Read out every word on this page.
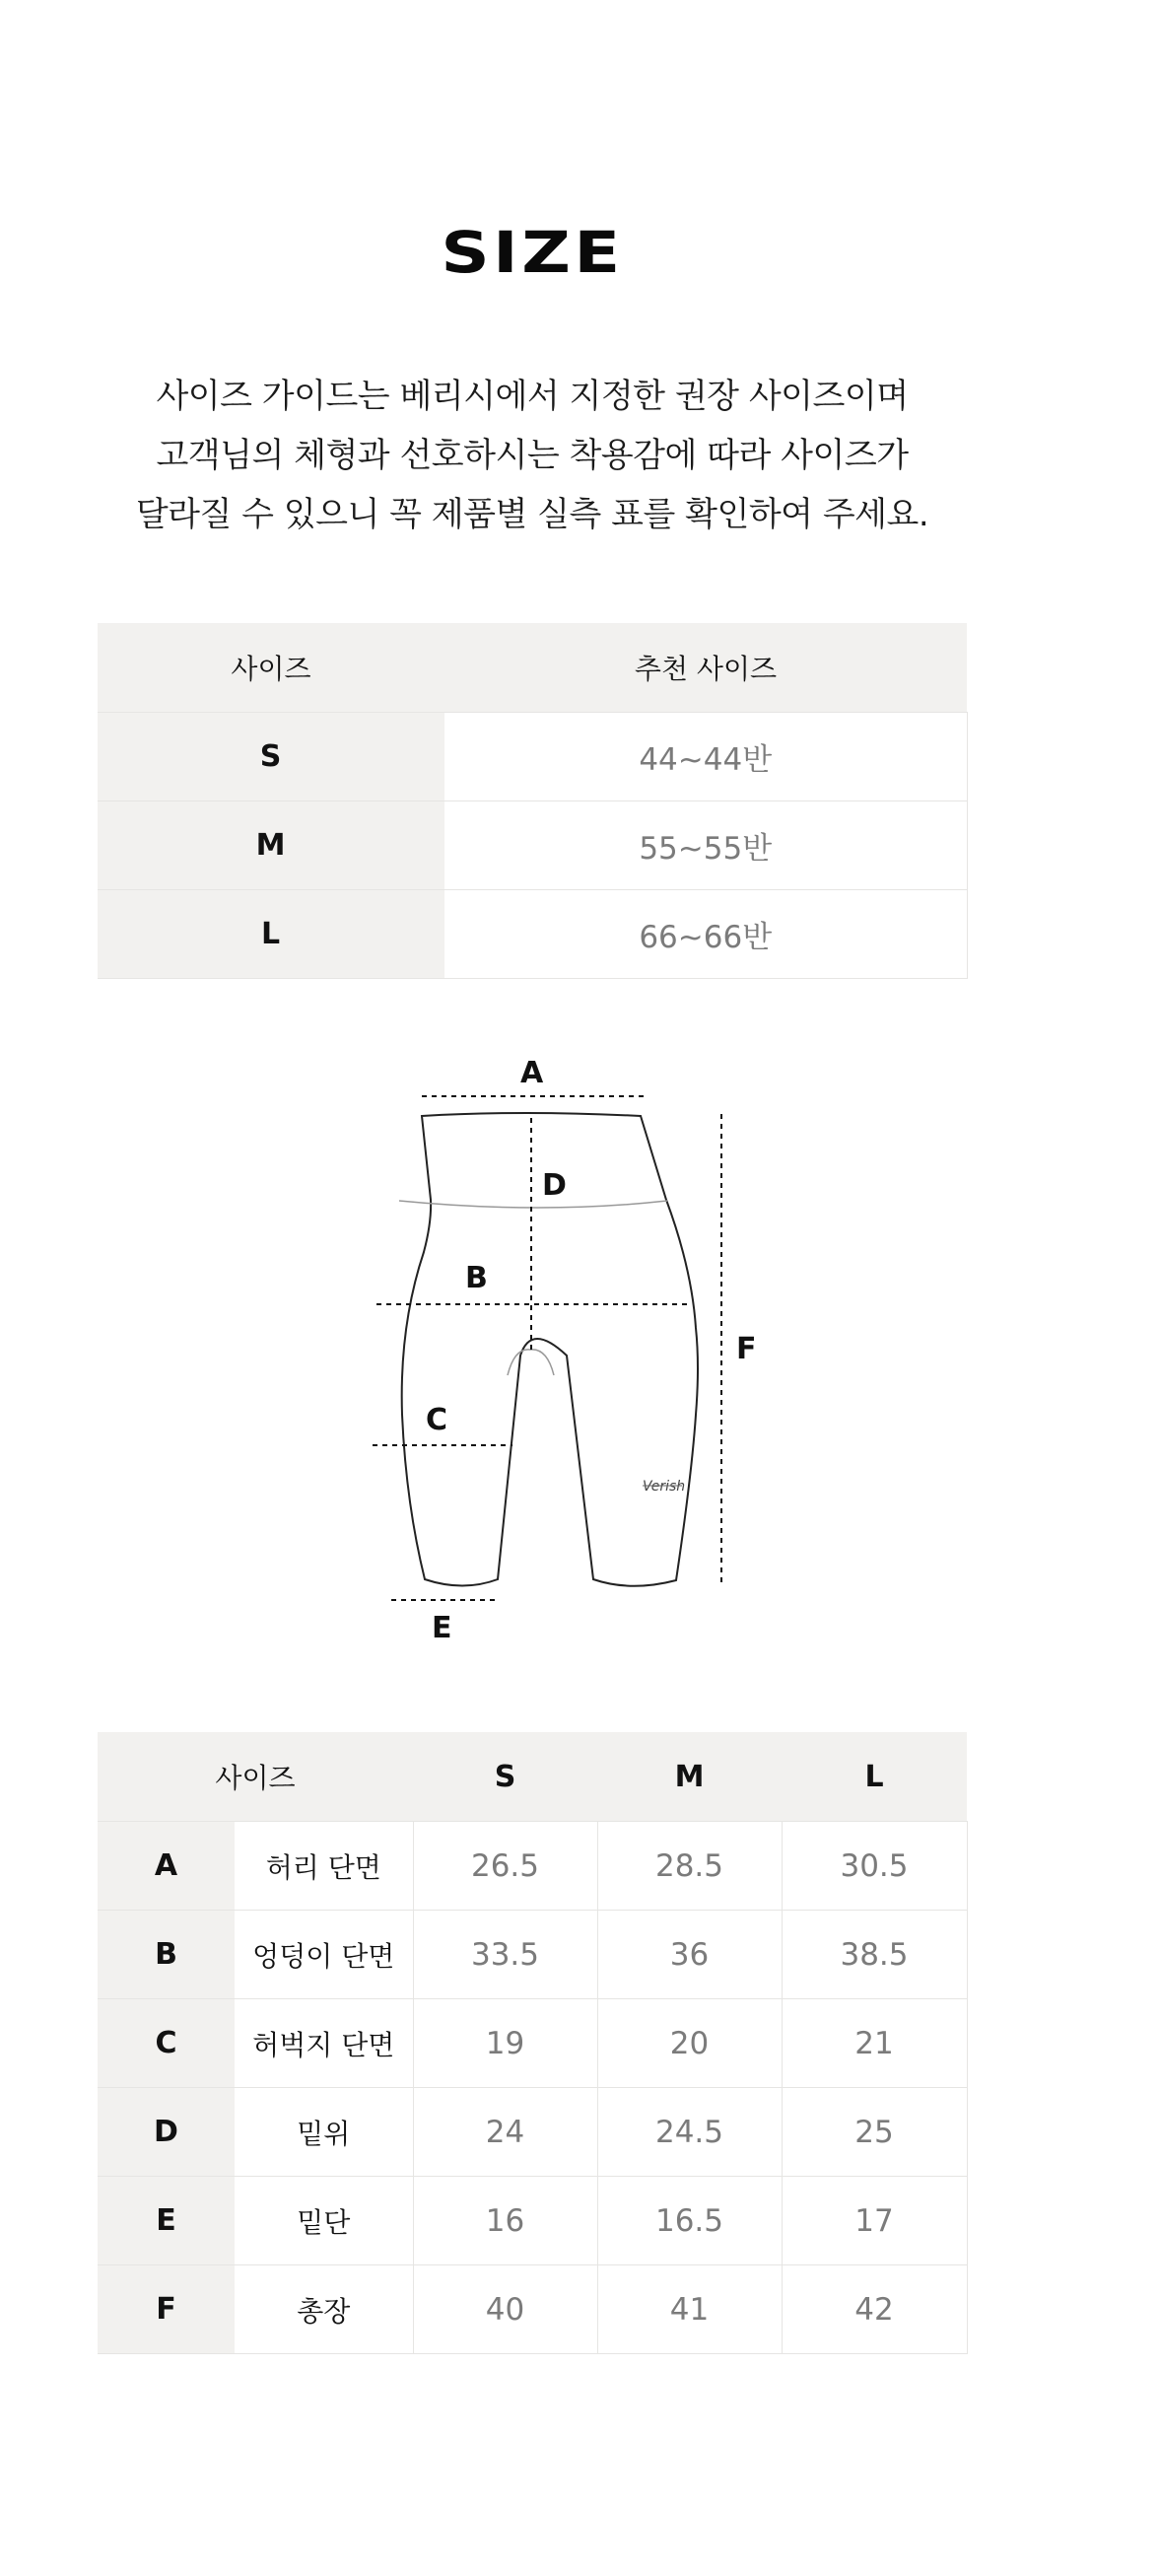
SIZE
사이즈 가이드는 베리시에서 지정한 권장 사이즈이며
고객님의 체형과 선호하시는 착용감에 따라 사이즈가
달라질 수 있으니 꼭 제품별 실측 표를 확인하여 주세요.
사이즈	추천 사이즈
S	44~44반
M	55~55반
L	66~66반
Verish
A
D
B
C
E
F
사이즈		S	M	L
A	허리 단면	26.5	28.5	30.5
B	엉덩이 단면	33.5	36	38.5
C	허벅지 단면	19	20	21
D	밑위	24	24.5	25
E	밑단	16	16.5	17
F	총장	40	41	42
